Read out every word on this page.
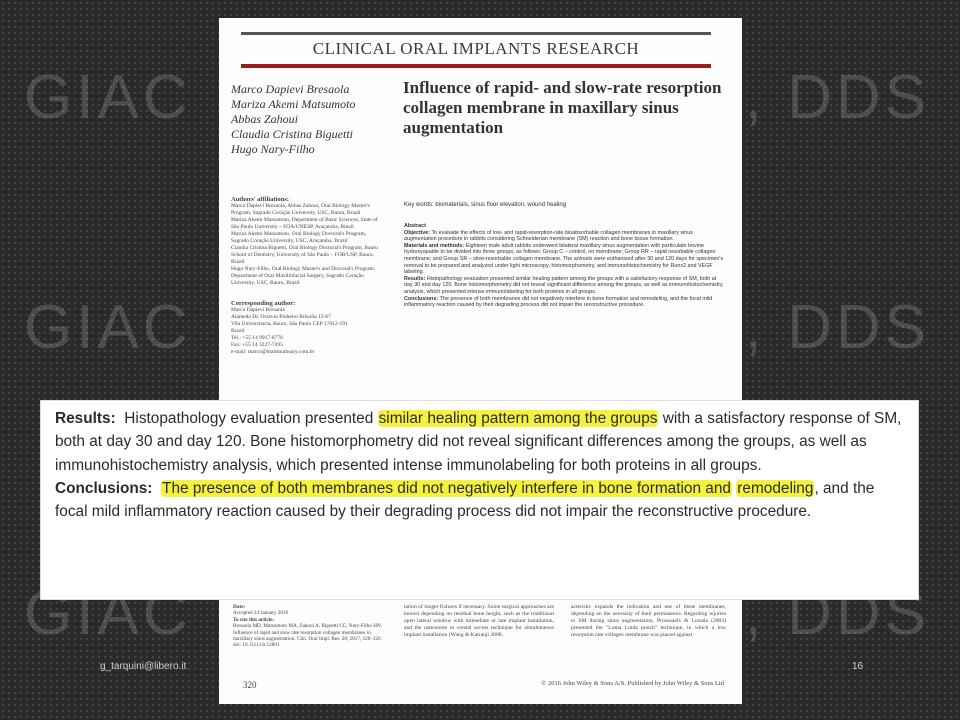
GIAC	, DDS
GIAC	, DDS
GIAC	, DDS
CLINICAL ORAL IMPLANTS RESEARCH
Marco Dapievi Bresaola
Mariza Akemi Matsumoto
Abbas Zahoui
Claudia Cristina Biguetti
Hugo Nary-Filho
Influence of rapid- and slow-rate resorption collagen membrane in maxillary sinus augmentation
Authors' affiliations:
Marco Dapievi Bresaola, Abbas Zahoui, Oral Biology Master's Program, Sagrado Coração University, USC, Bauru, Brazil
Mariza Akemi Matsumoto, Department of Basic Sciences, State of São Paulo University – FOA/UNESP, Araçatuba, Brazil
Mariza Akemi Matsumoto, Oral Biology Doctoral's Program, Sagrado Coração University, USC, Araçatuba, Brazil
Claudia Cristina Biguetti, Oral Biology Doctoral's Program, Bauru School of Dentistry, University of São Paulo – FOB/USP, Bauru, Brazil
Hugo Nary-Filho, Oral Biology Master's and Doctoral's Program, Department of Oral Maxillofacial Surgery, Sagrado Coração University, USC, Bauru, Brazil
Corresponding author:
Marco Dapievi Bresaola
Alameda Dr. Octavio Pinheiro Brisolla 12-67
Vila Universitaria, Bauru, São Paulo CEP 17012-191
Brazil
Tel.: +55 14 9917-8778
Fax: +55 14 3227-7495
e-mail: marco@martmuthoary.com.br
Key words: biomaterials, sinus floor elevation, wound healing
Abstract
Objective: To evaluate the effects of low- and rapid-resorption-rate bioabsorbable collagen membranes in maxillary sinus augmentation procedure in rabbits considering Schneiderian membrane (SM) reaction and bone tissue formation.
Materials and methods: Eighteen male adult rabbits underwent bilateral maxillary sinus augmentation with particulate bovine hydroxyapatite to be divided into three groups, as follows: Group C – control, no membrane; Group RR – rapid resorbable collagen membrane; and Group SR – slow-resorbable collagen membrane. The animals were euthanized after 30 and 120 days for specimen's removal to be prepared and analyzed under light microscopy, histomorphometry, and immunohistochemistry for Runx2 and VEGF labeling.
Results: Histopathology evaluation presented similar healing pattern among the groups with a satisfactory response of SM, both at day 30 and day 120. Bone histomorphometry did not reveal significant difference among the groups, as well as immunohistochemistry analysis, which presented intense immunolabeling for both proteins in all groups.
Conclusions: The presence of both membranes did not negatively interfere in bone formation and remodeling, and the focal mild inflammatory reaction caused by their degrading process did not impair the reconstructive procedure.
Date:
Accepted 24 January 2016
To cite this article:
Bresaola MD, Matsumoto MA, Zahoui A, Biguetti CC, Nary-Filho HN. Influence of rapid and slow rate resorption collagen membranes in maxillary sinus augmentation. Clin. Oral Impl. Res. 28, 2017, 320–326 doi: 10.1111/clr.12801
tation of longer fixtures if necessary. Some surgical approaches are known depending on residual bone height, such as the traditional open lateral window with immediate or late implant installation, and the osteotome or crestal access technique for simultaneous implant installation (Wang & Katranji 2008,
acteristic expands the indication and use of these membranes, depending on the necessity of their permanence. Regarding injuries to SM during sinus augmentation, Proussaefs & Lozada (2003) presented the "Loma Linda pouch" technique, in which a low resorption rate collagen membrane was placed against
320	© 2016 John Wiley & Sons A/S. Published by John Wiley & Sons Ltd
Results: Histopathology evaluation presented similar healing pattern among the groups with a satisfactory response of SM, both at day 30 and day 120. Bone histomorphometry did not reveal significant differences among the groups, as well as immunohistochemistry analysis, which presented intense immunolabeling for both proteins in all groups.
Conclusions: The presence of both membranes did not negatively interfere in bone formation and remodeling, and the focal mild inflammatory reaction caused by their degrading process did not impair the reconstructive procedure.
g_tarquini@libero.it	16
